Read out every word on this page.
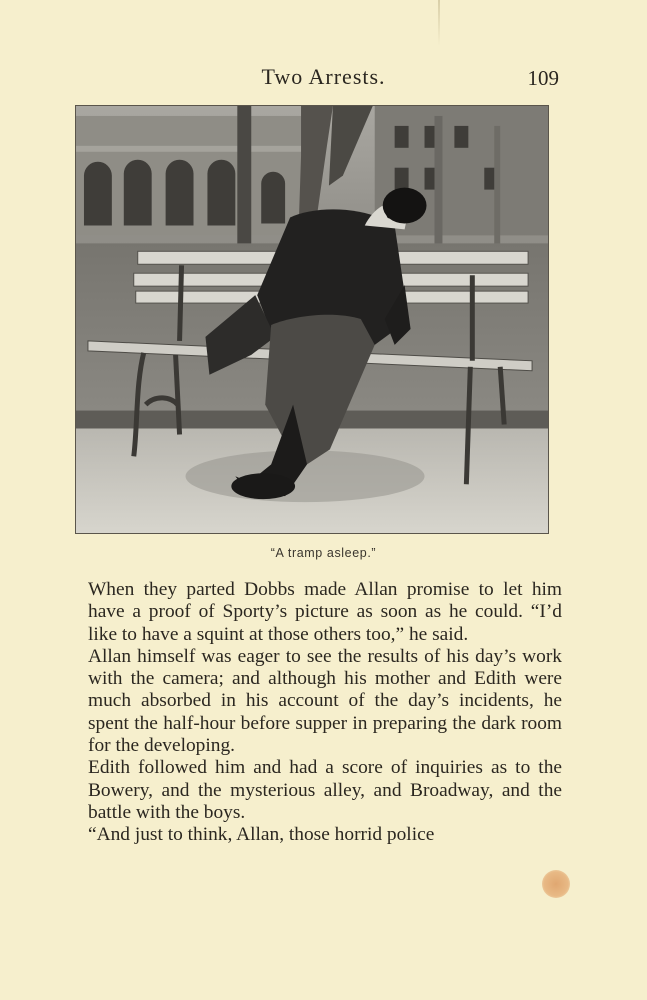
Two Arrests.	109
“A tramp asleep.”

When they parted Dobbs made Allan promise to let him have a proof of Sporty’s picture as soon as he could. “I’d like to have a squint at those others too,” he said.

Allan himself was eager to see the results of his day’s work with the camera; and although his mother and Edith were much absorbed in his account of the day’s incidents, he spent the half-hour before supper in preparing the dark room for the developing.

Edith followed him and had a score of inquiries as to the Bowery, and the mysterious alley, and Broadway, and the battle with the boys.

“And just to think, Allan, those horrid police
